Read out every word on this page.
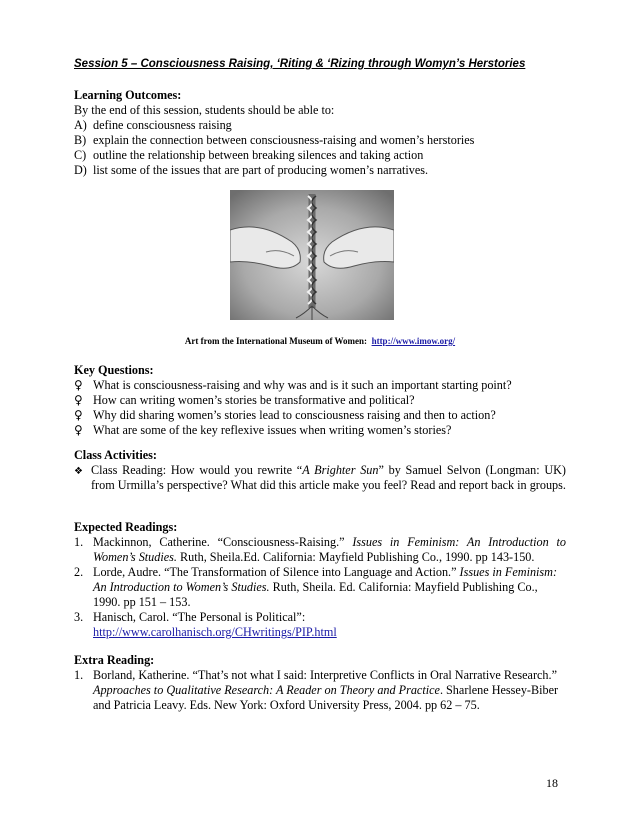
Session 5 – Consciousness Raising, ‘Riting & ‘Rizing through Womyn’s Herstories
Learning Outcomes:
By the end of this session, students should be able to:
A) define consciousness raising
B) explain the connection between consciousness-raising and women’s herstories
C) outline the relationship between breaking silences and taking action
D) list some of the issues that are part of producing women’s narratives.
Art from the International Museum of Women: http://www.imow.org/
Key Questions:
♀ What is consciousness-raising and why was and is it such an important starting point?
♀ How can writing women’s stories be transformative and political?
♀ Why did sharing women’s stories lead to consciousness raising and then to action?
♀ What are some of the key reflexive issues when writing women’s stories?
Class Activities:
❖ Class Reading: How would you rewrite “A Brighter Sun” by Samuel Selvon (Longman: UK) from Urmilla’s perspective? What did this article make you feel? Read and report back in groups.
Expected Readings:
1. Mackinnon, Catherine. “Consciousness-Raising.” Issues in Feminism: An Introduction to Women’s Studies. Ruth, Sheila.Ed. California: Mayfield Publishing Co., 1990. pp 143-150.
2. Lorde, Audre. “The Transformation of Silence into Language and Action.” Issues in Feminism: An Introduction to Women’s Studies. Ruth, Sheila. Ed. California: Mayfield Publishing Co., 1990. pp 151 – 153.
3. Hanisch, Carol. “The Personal is Political”:
http://www.carolhanisch.org/CHwritings/PIP.html
Extra Reading:
1. Borland, Katherine. “That’s not what I said: Interpretive Conflicts in Oral Narrative Research.” Approaches to Qualitative Research: A Reader on Theory and Practice. Sharlene Hessey-Biber and Patricia Leavy. Eds. New York: Oxford University Press, 2004. pp 62 – 75.
18
